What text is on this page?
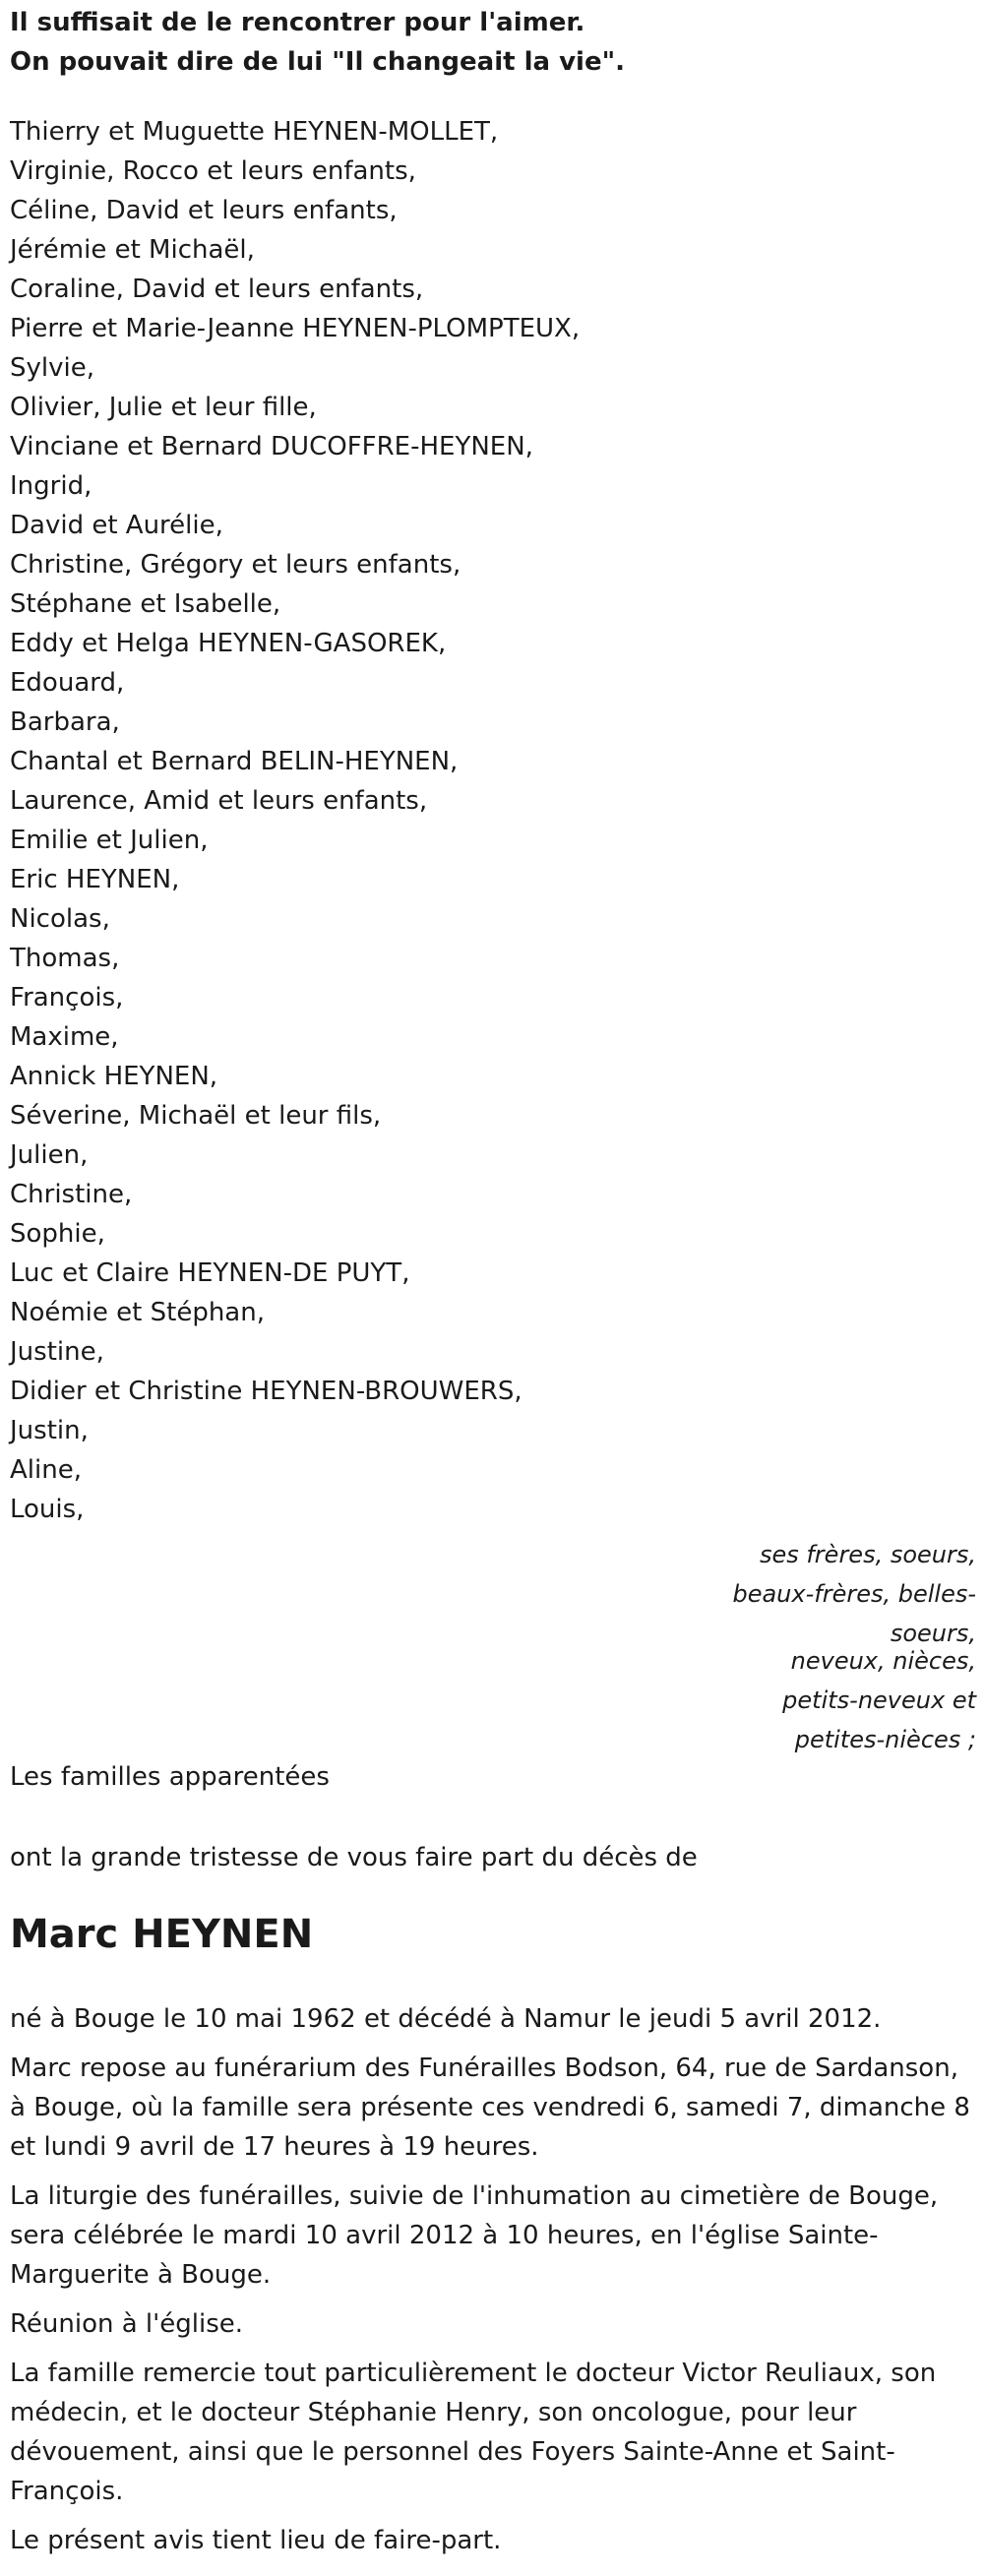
Il suffisait de le rencontrer pour l'aimer.

On pouvait dire de lui "Il changeait la vie".

Thierry et Muguette HEYNEN-MOLLET,
Virginie, Rocco et leurs enfants,
Céline, David et leurs enfants,
Jérémie et Michaël,
Coraline, David et leurs enfants,
Pierre et Marie-Jeanne HEYNEN-PLOMPTEUX,
Sylvie,
Olivier, Julie et leur fille,
Vinciane et Bernard DUCOFFRE-HEYNEN,
Ingrid,
David et Aurélie,
Christine, Grégory et leurs enfants,
Stéphane et Isabelle,
Eddy et Helga HEYNEN-GASOREK,
Edouard,
Barbara,
Chantal et Bernard BELIN-HEYNEN,
Laurence, Amid et leurs enfants,
Emilie et Julien,
Eric HEYNEN,
Nicolas,
Thomas,
François,
Maxime,
Annick HEYNEN,
Séverine, Michaël et leur fils,
Julien,
Christine,
Sophie,
Luc et Claire HEYNEN-DE PUYT,
Noémie et Stéphan,
Justine,
Didier et Christine HEYNEN-BROUWERS,
Justin,
Aline,
Louis,
ses frères, soeurs,
beaux-frères, belles-
soeurs,
neveux, nièces,
petits-neveux et
petites-nièces ;
Les familles apparentées
ont la grande tristesse de vous faire part du décès de
Marc HEYNEN

né à Bouge le 10 mai 1962 et décédé à Namur le jeudi 5 avril 2012.

Marc repose au funérarium des Funérailles Bodson, 64, rue de Sardanson, à Bouge, où la famille sera présente ces vendredi 6, samedi 7, dimanche 8 et lundi 9 avril de 17 heures à 19 heures.

La liturgie des funérailles, suivie de l'inhumation au cimetière de Bouge, sera célébrée le mardi 10 avril 2012 à 10 heures, en l'église Sainte-Marguerite à Bouge.

Réunion à l'église.

La famille remercie tout particulièrement le docteur Victor Reuliaux, son médecin, et le docteur Stéphanie Henry, son oncologue, pour leur dévouement, ainsi que le personnel des Foyers Sainte-Anne et Saint-François.

Le présent avis tient lieu de faire-part.
